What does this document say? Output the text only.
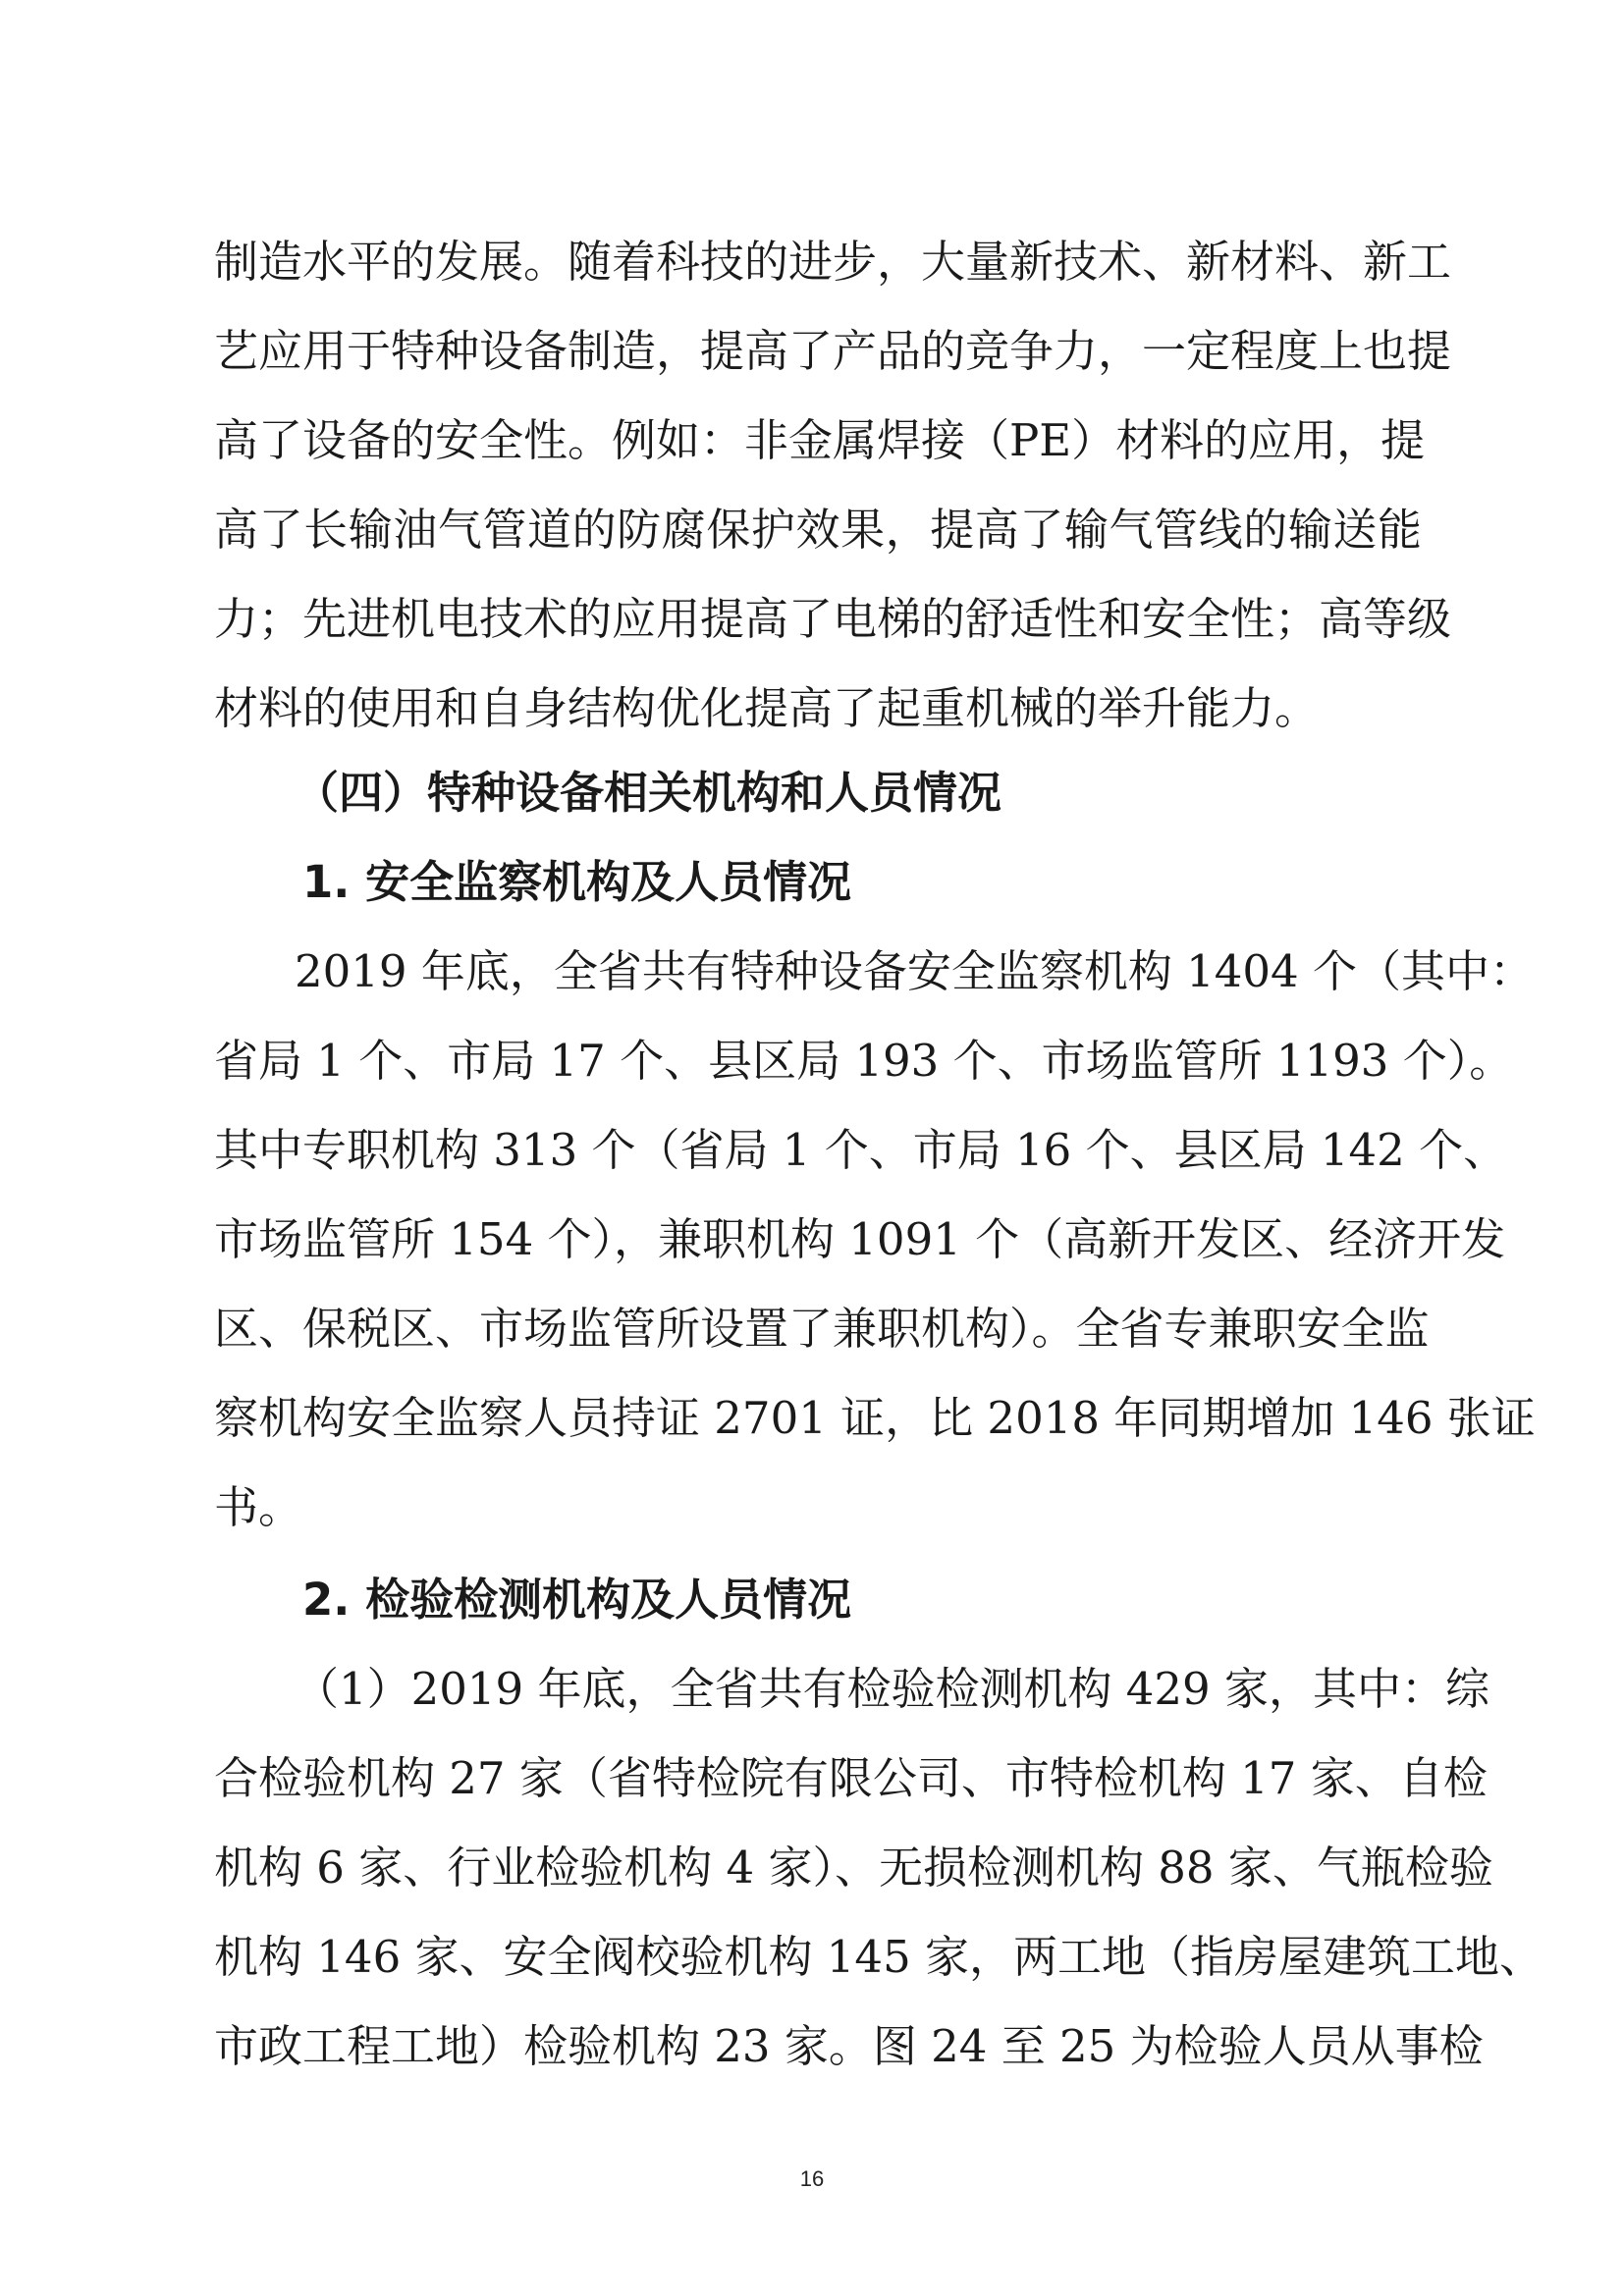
制造水平的发展。随着科技的进步，大量新技术、新材料、新工
艺应用于特种设备制造，提高了产品的竞争力，一定程度上也提
高了设备的安全性。例如：非金属焊接（PE）材料的应用，提
高了长输油气管道的防腐保护效果，提高了输气管线的输送能
力；先进机电技术的应用提高了电梯的舒适性和安全性；高等级
材料的使用和自身结构优化提高了起重机械的举升能力。
（四）特种设备相关机构和人员情况
1. 安全监察机构及人员情况
2019 年底，全省共有特种设备安全监察机构 1404 个（其中：
省局 1 个、市局 17 个、县区局 193 个、市场监管所 1193 个）。
其中专职机构 313 个（省局 1 个、市局 16 个、县区局 142 个、
市场监管所 154 个），兼职机构 1091 个（高新开发区、经济开发
区、保税区、市场监管所设置了兼职机构）。全省专兼职安全监
察机构安全监察人员持证 2701 证，比 2018 年同期增加 146 张证
书。
2. 检验检测机构及人员情况
（1）2019 年底，全省共有检验检测机构 429 家，其中：综
合检验机构 27 家（省特检院有限公司、市特检机构 17 家、自检
机构 6 家、行业检验机构 4 家）、无损检测机构 88 家、气瓶检验
机构 146 家、安全阀校验机构 145 家，两工地（指房屋建筑工地、
市政工程工地）检验机构 23 家。图 24 至 25 为检验人员从事检
16
